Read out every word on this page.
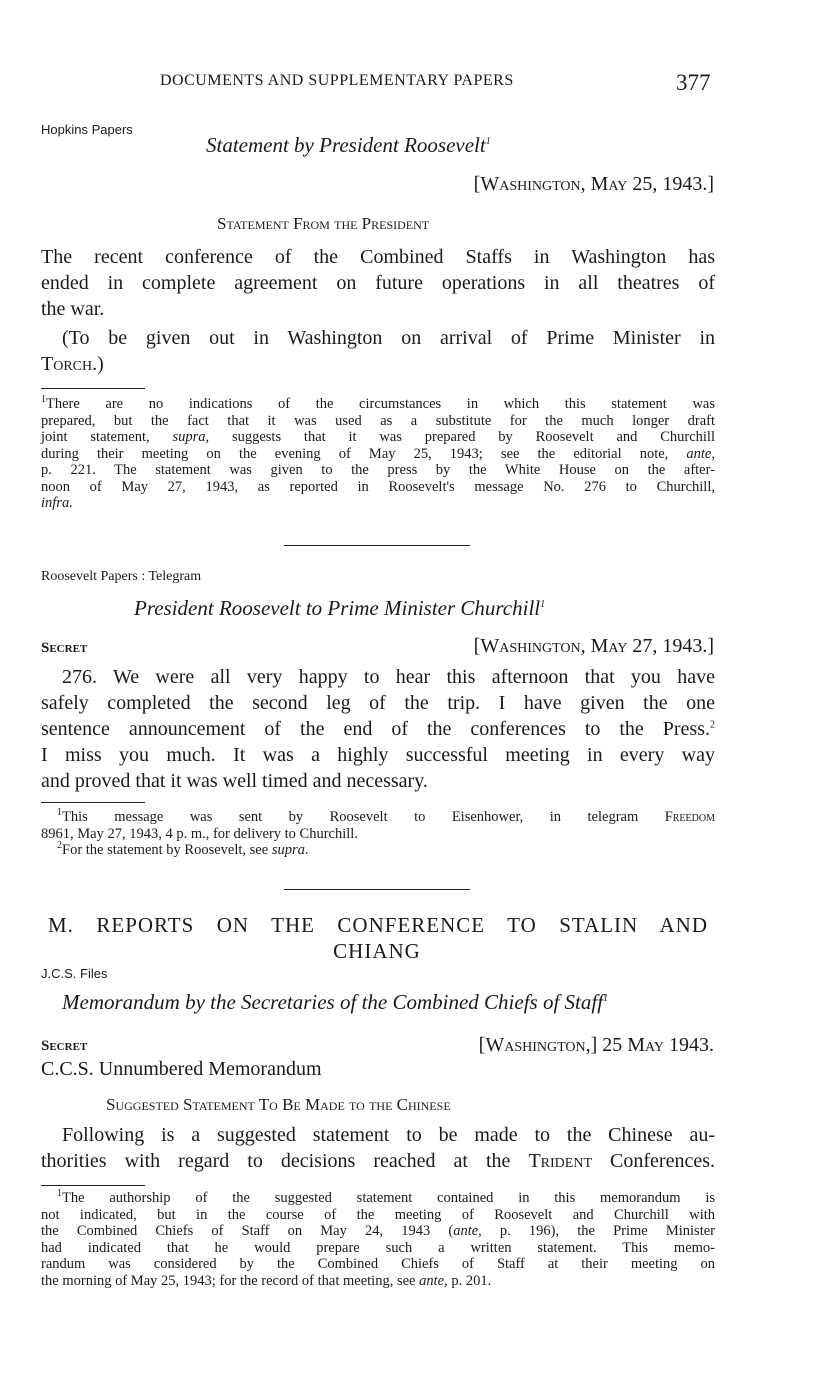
DOCUMENTS AND SUPPLEMENTARY PAPERS	377
Hopkins Papers
Statement by President Roosevelt$^1$
[Washington, May 25, 1943.]
Statement From the President
The recent conference of the Combined Staffs in Washington has
ended in complete agreement on future operations in all theatres of
the war.
(To be given out in Washington on arrival of Prime Minister in
Torch.)
$^1$There are no indications of the circumstances in which this statement was
prepared, but the fact that it was used as a substitute for the much longer draft
joint statement, supra, suggests that it was prepared by Roosevelt and Churchill
during their meeting on the evening of May 25, 1943; see the editorial note, ante,
p. 221. The statement was given to the press by the White House on the after-
noon of May 27, 1943, as reported in Roosevelt's message No. 276 to Churchill,
infra.
Roosevelt Papers : Telegram
President Roosevelt to Prime Minister Churchill$^1$
Secret	[Washington, May 27, 1943.]
276. We were all very happy to hear this afternoon that you have
safely completed the second leg of the trip. I have given the one
sentence announcement of the end of the conferences to the Press.$^2$
I miss you much. It was a highly successful meeting in every way
and proved that it was well timed and necessary.
$^1$This message was sent by Roosevelt to Eisenhower, in telegram Freedom
8961, May 27, 1943, 4 p. m., for delivery to Churchill.
$^2$For the statement by Roosevelt, see supra.
M. REPORTS ON THE CONFERENCE TO STALIN AND
CHIANG
J.C.S. Files
Memorandum by the Secretaries of the Combined Chiefs of Staff$^1$
Secret	[Washington,] 25 May 1943.
C.C.S. Unnumbered Memorandum
Suggested Statement To Be Made to the Chinese
Following is a suggested statement to be made to the Chinese au-
thorities with regard to decisions reached at the Trident Conferences.
$^1$The authorship of the suggested statement contained in this memorandum is
not indicated, but in the course of the meeting of Roosevelt and Churchill with
the Combined Chiefs of Staff on May 24, 1943 (ante, p. 196), the Prime Minister
had indicated that he would prepare such a written statement. This memo-
randum was considered by the Combined Chiefs of Staff at their meeting on
the morning of May 25, 1943; for the record of that meeting, see ante, p. 201.
